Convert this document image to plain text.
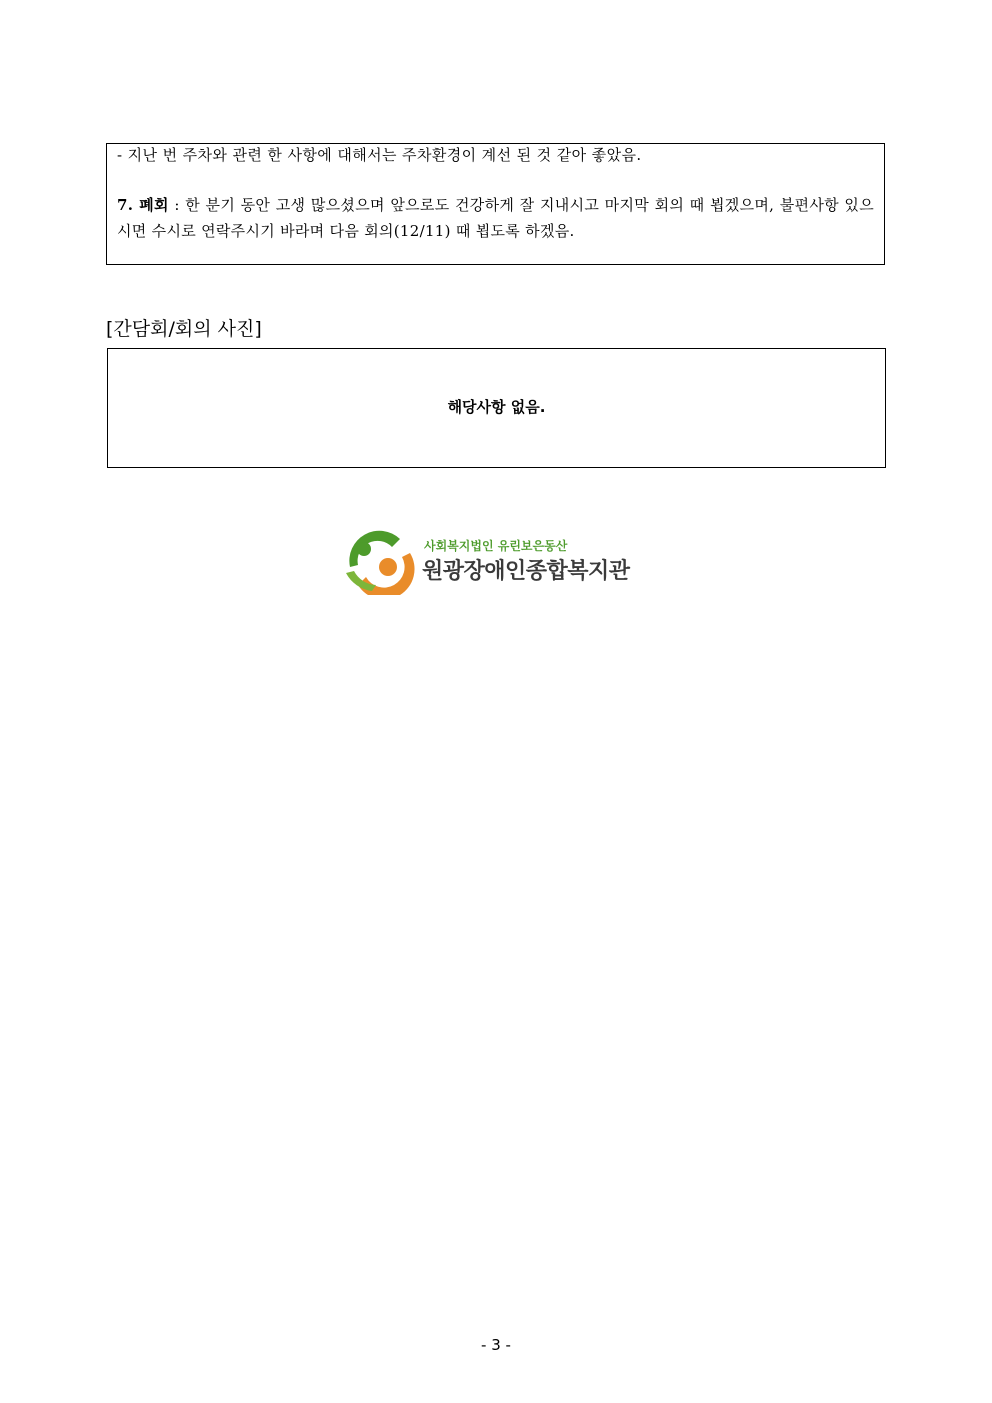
- 지난 번 주차와 관련 한 사항에 대해서는 주차환경이 계선 된 것 같아 좋았음.
7. 폐회 : 한 분기 동안 고생 많으셨으며 앞으로도 건강하게 잘 지내시고 마지막 회의 때 뵙겠으며, 불편사항 있으시면 수시로 연락주시기 바라며 다음 회의(12/11) 때 뵙도록 하겠음.
[간담회/회의 사진]
해당사항 없음.
사회복지법인 유린보은동산
원광장애인종합복지관
- 3 -
